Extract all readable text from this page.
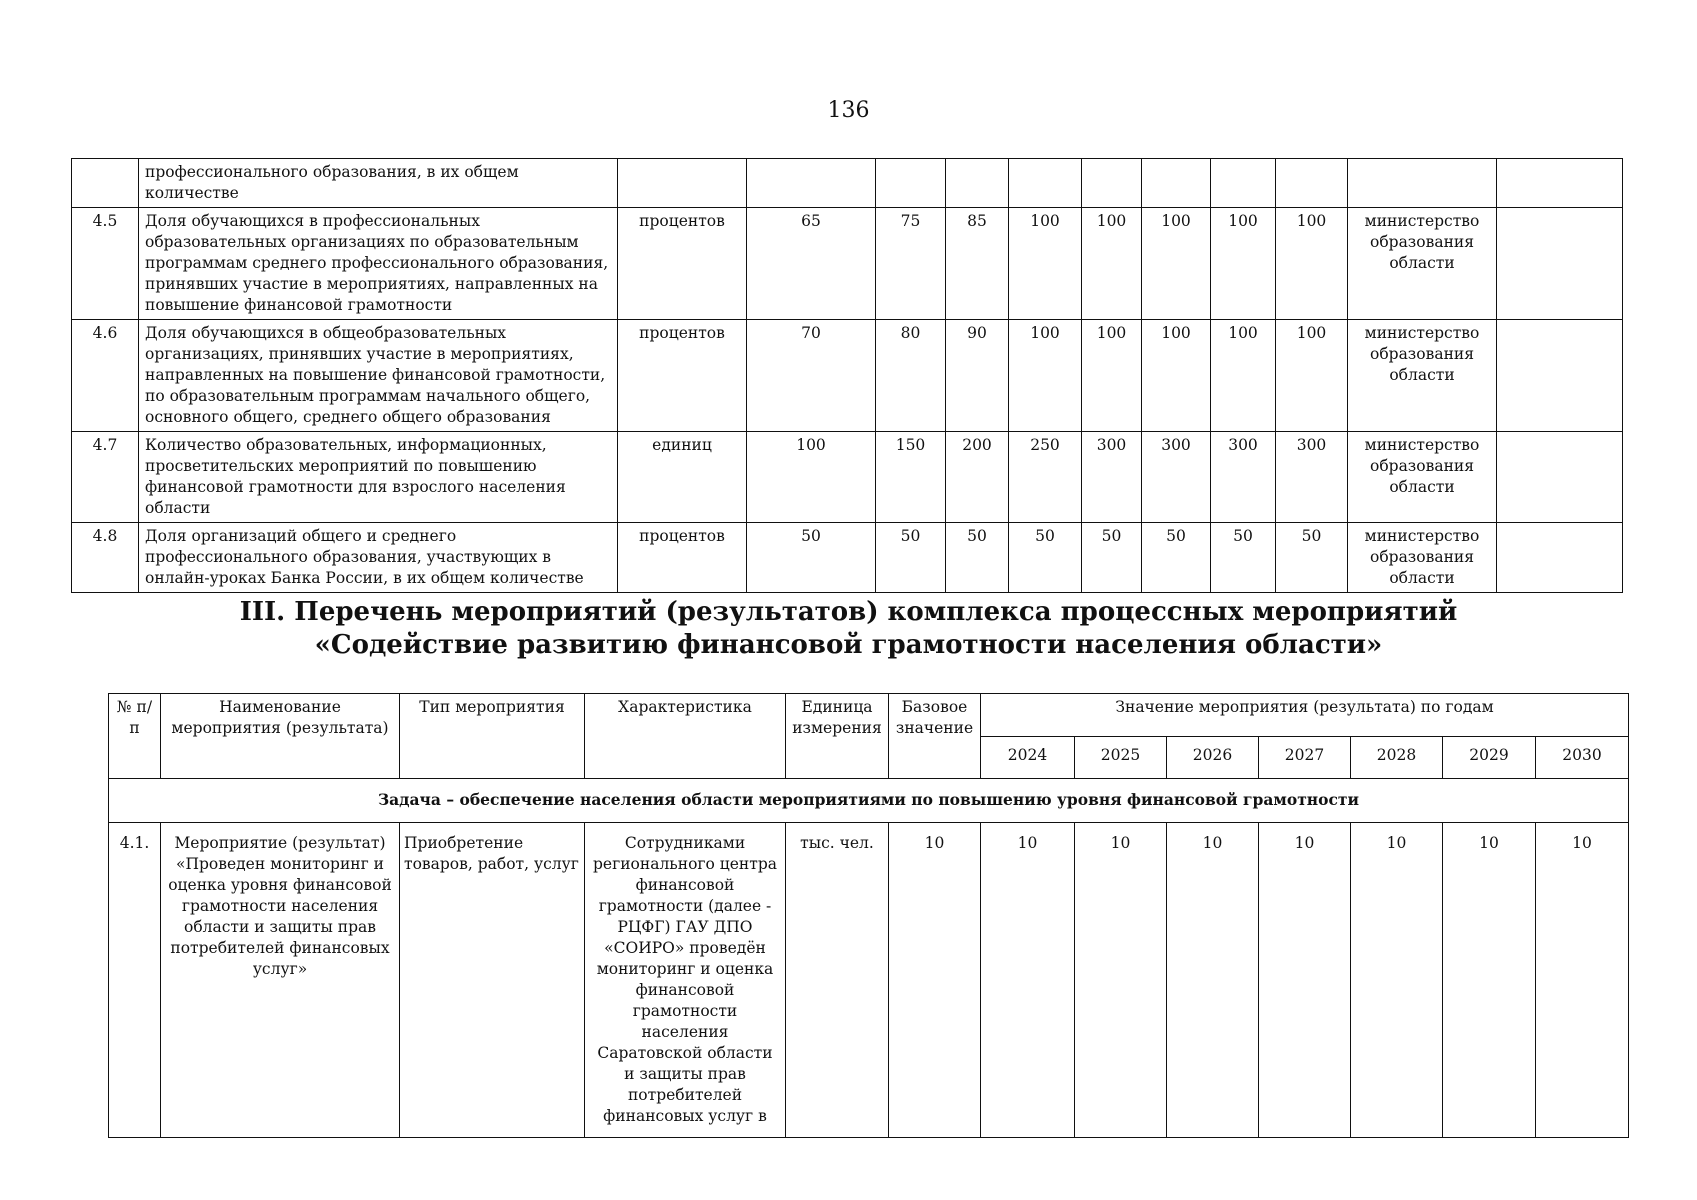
136
	профессионального образования, в их общем количестве											
4.5	Доля обучающихся в профессиональных образовательных организациях по образовательным программам среднего профессионального образования, принявших участие в мероприятиях, направленных на повышение финансовой грамотности	процентов	65	75	85	100	100	100	100	100	министерство образования области	
4.6	Доля обучающихся в общеобразовательных организациях, принявших участие в мероприятиях, направленных на повышение финансовой грамотности, по образовательным программам начального общего, основного общего, среднего общего образования	процентов	70	80	90	100	100	100	100	100	министерство образования области	
4.7	Количество образовательных, информационных, просветительских мероприятий по повышению финансовой грамотности для взрослого населения области	единиц	100	150	200	250	300	300	300	300	министерство образования области	
4.8	Доля организаций общего и среднего профессионального образования, участвующих в онлайн-уроках Банка России, в их общем количестве	процентов	50	50	50	50	50	50	50	50	министерство образования области	
III. Перечень мероприятий (результатов) комплекса процессных мероприятий
«Содействие развитию финансовой грамотности населения области»
№ п/п	Наименование мероприятия (результата)	Тип мероприятия	Характеристика	Единица измерения	Базовое значение	Значение мероприятия (результата) по годам						
						2024	2025	2026	2027	2028	2029	2030
Задача – обеспечение населения области мероприятиями по повышению уровня финансовой грамотности												
4.1.	Мероприятие (результат) «Проведен мониторинг и оценка уровня финансовой грамотности населения области и защиты прав потребителей финансовых услуг»	Приобретение товаров, работ, услуг	Сотрудниками регионального центра финансовой грамотности (далее - РЦФГ) ГАУ ДПО «СОИРО» проведён мониторинг и оценка финансовой грамотности населения Саратовской области и защиты прав потребителей финансовых услуг в	тыс. чел.	10	10	10	10	10	10	10	10
